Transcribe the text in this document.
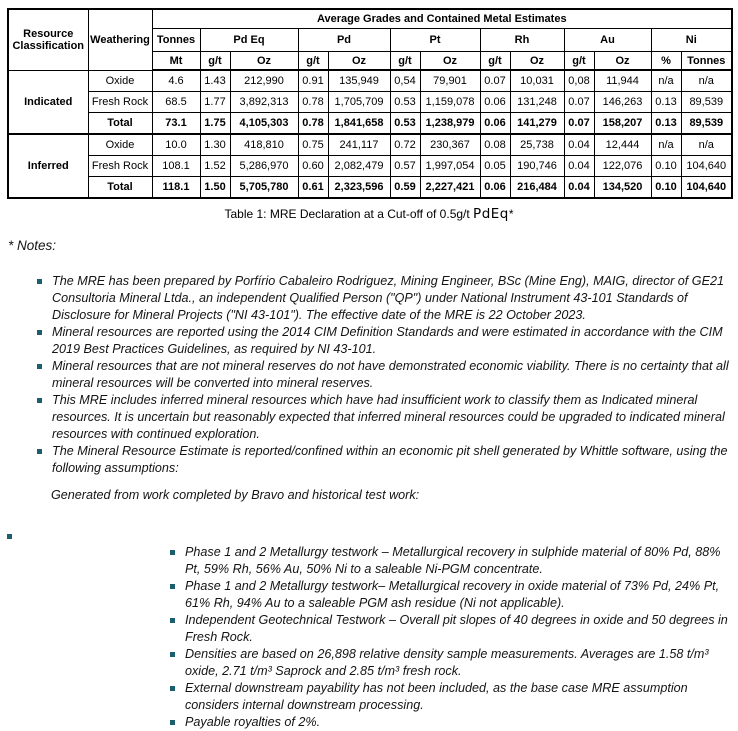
Resource Classification	Weathering	Average Grades and Contained Metal Estimates												
		Tonnes	Pd Eq		Pd		Pt		Rh		Au		Ni	
		Mt	g/t	Oz	g/t	Oz	g/t	Oz	g/t	Oz	g/t	Oz	%	Tonnes
Indicated	Oxide	4.6	1.43	212,990	0.91	135,949	0,54	79,901	0.07	10,031	0,08	11,944	n/a	n/a
	Fresh Rock	68.5	1.77	3,892,313	0.78	1,705,709	0.53	1,159,078	0.06	131,248	0.07	146,263	0.13	89,539
	Total	73.1	1.75	4,105,303	0.78	1,841,658	0.53	1,238,979	0.06	141,279	0.07	158,207	0.13	89,539
Inferred	Oxide	10.0	1.30	418,810	0.75	241,117	0.72	230,367	0.08	25,738	0.04	12,444	n/a	n/a
	Fresh Rock	108.1	1.52	5,286,970	0.60	2,082,479	0.57	1,997,054	0.05	190,746	0.04	122,076	0.10	104,640
	Total	118.1	1.50	5,705,780	0.61	2,323,596	0.59	2,227,421	0.06	216,484	0.04	134,520	0.10	104,640
Table 1: MRE Declaration at a Cut-off of 0.5g/t PdEq*
* Notes:
The MRE has been prepared by Porfírio Cabaleiro Rodriguez, Mining Engineer, BSc (Mine Eng), MAIG, director of GE21 Consultoria Mineral Ltda., an independent Qualified Person ("QP") under National Instrument 43-101 Standards of Disclosure for Mineral Projects ("NI 43-101"). The effective date of the MRE is 22 October 2023.
Mineral resources are reported using the 2014 CIM Definition Standards and were estimated in accordance with the CIM 2019 Best Practices Guidelines, as required by NI 43-101.
Mineral resources that are not mineral reserves do not have demonstrated economic viability. There is no certainty that all mineral resources will be converted into mineral reserves.
This MRE includes inferred mineral resources which have had insufficient work to classify them as Indicated mineral resources. It is uncertain but reasonably expected that inferred mineral resources could be upgraded to indicated mineral resources with continued exploration.
The Mineral Resource Estimate is reported/confined within an economic pit shell generated by Whittle software, using the following assumptions:
Generated from work completed by Bravo and historical test work:
Phase 1 and 2 Metallurgy testwork – Metallurgical recovery in sulphide material of 80% Pd, 88% Pt, 59% Rh, 56% Au, 50% Ni to a saleable Ni-PGM concentrate.
Phase 1 and 2 Metallurgy testwork– Metallurgical recovery in oxide material of 73% Pd, 24% Pt, 61% Rh, 94% Au to a saleable PGM ash residue (Ni not applicable).
Independent Geotechnical Testwork – Overall pit slopes of 40 degrees in oxide and 50 degrees in Fresh Rock.
Densities are based on 26,898 relative density sample measurements. Averages are 1.58 t/m³ oxide, 2.71 t/m³ Saprock and 2.85 t/m³ fresh rock.
External downstream payability has not been included, as the base case MRE assumption considers internal downstream processing.
Payable royalties of 2%.
